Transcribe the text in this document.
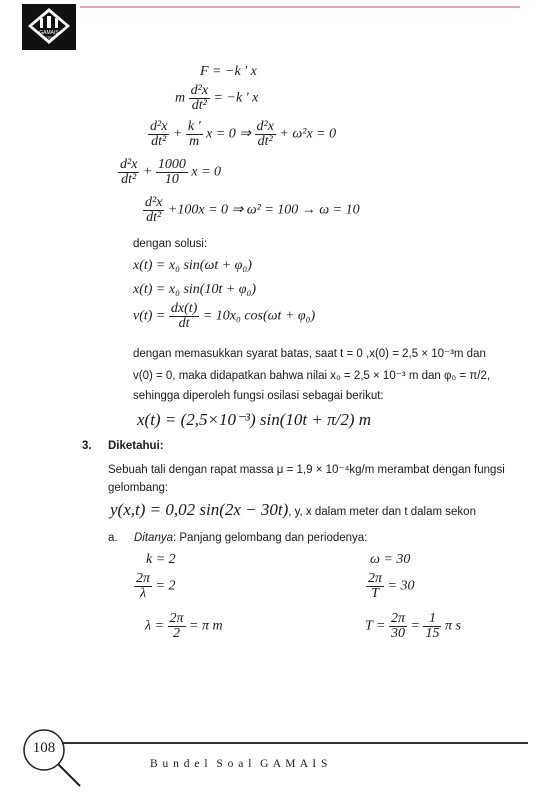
GAMAIS
ITB
F = −k ' x
m $\frac{\text{d²x}}{\text{dt²}} = -k$ ' x
$\frac{\text{d²x}}{\text{dt²}} + \frac{k '}{m}$ x = 0 ⇒ $\frac{\text{d²x}}{\text{dt²}} + \omega^2x = 0$
$\frac{\text{d²x}}{\text{dt²}} + \frac{1000}{10}$ x = 0
$\frac{\text{d²x}}{\text{dt²}} +100x = 0$ ⇒ ω² = 100 → ω = 10
dengan solusi:
x(t) = x₀ sin(ωt + φ₀)
x(t) = x₀ sin(10t + φ₀)
$v(t) = \frac{dx(t)}{dt} = 10x_0$ cos(ωt + φ₀)
dengan memasukkan syarat batas, saat t = 0 ,x(0) = 2,5 × 10⁻³m dan
v(0) = 0, maka didapatkan bahwa nilai x₀ = 2,5 × 10⁻³ m dan φ₀ = π/2,
sehingga diperoleh fungsi osilasi sebagai berikut:
x(t) = (2,5×10⁻³) sin(10t + π/2) m
3. Diketahui:
Sebuah tali dengan rapat massa μ = 1,9 × 10⁻⁴kg/m merambat dengan fungsi
gelombang:
y(x,t) = 0,02 sin(2x − 30t), y, x dalam meter dan t dalam sekon
a. Ditanya: Panjang gelombang dan periodenya:
k = 2
$\frac{2\pi}{\lambda} = 2$
$\lambda = \frac{2\pi}{2} = \pi$ m
ω = 30
$\frac{2\pi}{T} = 30$
$T = \frac{2\pi}{30} = \frac{1}{15}$ π s
108
B u n d e l  S o a l  G A M A I S
